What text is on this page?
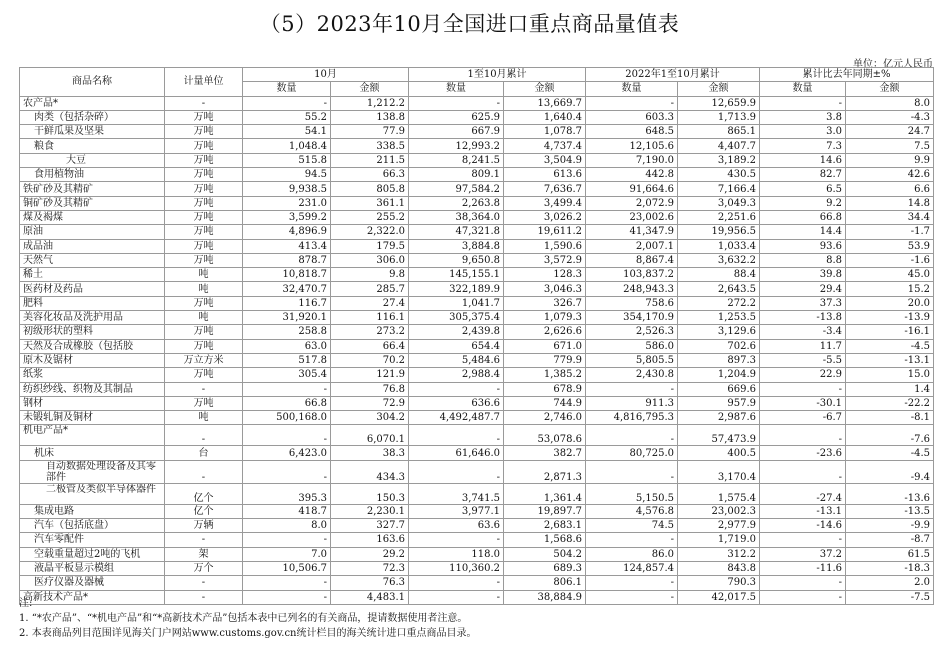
（5）2023年10月全国进口重点商品量值表
单位：亿元人民币
商品名称	计量单位	10月		1至10月累计		2022年1至10月累计		累计比去年同期±%	
		数量	金额	数量	金额	数量	金额	数量	金额
农产品*	-	-	1,212.2	-	13,669.7	-	12,659.9	-	8.0
肉类（包括杂碎）	万吨	55.2	138.8	625.9	1,640.4	603.3	1,713.9	3.8	-4.3
干鲜瓜果及坚果	万吨	54.1	77.9	667.9	1,078.7	648.5	865.1	3.0	24.7
粮食	万吨	1,048.4	338.5	12,993.2	4,737.4	12,105.6	4,407.7	7.3	7.5
大豆	万吨	515.8	211.5	8,241.5	3,504.9	7,190.0	3,189.2	14.6	9.9
食用植物油	万吨	94.5	66.3	809.1	613.6	442.8	430.5	82.7	42.6
铁矿砂及其精矿	万吨	9,938.5	805.8	97,584.2	7,636.7	91,664.6	7,166.4	6.5	6.6
铜矿砂及其精矿	万吨	231.0	361.1	2,263.8	3,499.4	2,072.9	3,049.3	9.2	14.8
煤及褐煤	万吨	3,599.2	255.2	38,364.0	3,026.2	23,002.6	2,251.6	66.8	34.4
原油	万吨	4,896.9	2,322.0	47,321.8	19,611.2	41,347.9	19,956.5	14.4	-1.7
成品油	万吨	413.4	179.5	3,884.8	1,590.6	2,007.1	1,033.4	93.6	53.9
天然气	万吨	878.7	306.0	9,650.8	3,572.9	8,867.4	3,632.2	8.8	-1.6
稀土	吨	10,818.7	9.8	145,155.1	128.3	103,837.2	88.4	39.8	45.0
医药材及药品	吨	32,470.7	285.7	322,189.9	3,046.3	248,943.3	2,643.5	29.4	15.2
肥料	万吨	116.7	27.4	1,041.7	326.7	758.6	272.2	37.3	20.0
美容化妆品及洗护用品	吨	31,920.1	116.1	305,375.4	1,079.3	354,170.9	1,253.5	-13.8	-13.9
初级形状的塑料	万吨	258.8	273.2	2,439.8	2,626.6	2,526.3	3,129.6	-3.4	-16.1
天然及合成橡胶（包括胶	万吨	63.0	66.4	654.4	671.0	586.0	702.6	11.7	-4.5
原木及锯材	万立方米	517.8	70.2	5,484.6	779.9	5,805.5	897.3	-5.5	-13.1
纸浆	万吨	305.4	121.9	2,988.4	1,385.2	2,430.8	1,204.9	22.9	15.0
纺织纱线、织物及其制品	-	-	76.8	-	678.9	-	669.6	-	1.4
钢材	万吨	66.8	72.9	636.6	744.9	911.3	957.9	-30.1	-22.2
未锻轧铜及铜材	吨	500,168.0	304.2	4,492,487.7	2,746.0	4,816,795.3	2,987.6	-6.7	-8.1
机电产品*	-	-	6,070.1	-	53,078.6	-	57,473.9	-	-7.6
机床	台	6,423.0	38.3	61,646.0	382.7	80,725.0	400.5	-23.6	-4.5
自动数据处理设备及其零部件	-	-	434.3	-	2,871.3	-	3,170.4	-	-9.4
二极管及类似半导体器件	亿个	395.3	150.3	3,741.5	1,361.4	5,150.5	1,575.4	-27.4	-13.6
集成电路	亿个	418.7	2,230.1	3,977.1	19,897.7	4,576.8	23,002.3	-13.1	-13.5
汽车（包括底盘）	万辆	8.0	327.7	63.6	2,683.1	74.5	2,977.9	-14.6	-9.9
汽车零配件	-	-	163.6	-	1,568.6	-	1,719.0	-	-8.7
空载重量超过2吨的飞机	架	7.0	29.2	118.0	504.2	86.0	312.2	37.2	61.5
液晶平板显示模组	万个	10,506.7	72.3	110,360.2	689.3	124,857.4	843.8	-11.6	-18.3
医疗仪器及器械	-	-	76.3	-	806.1	-	790.3	-	2.0
高新技术产品*	-	-	4,483.1	-	38,884.9	-	42,017.5	-	-7.5
注:
1. “*农产品”、“*机电产品”和“*高新技术产品”包括本表中已列名的有关商品，提请数据使用者注意。
2. 本表商品列目范围详见海关门户网站www.customs.gov.cn统计栏目的海关统计进口重点商品目录。
